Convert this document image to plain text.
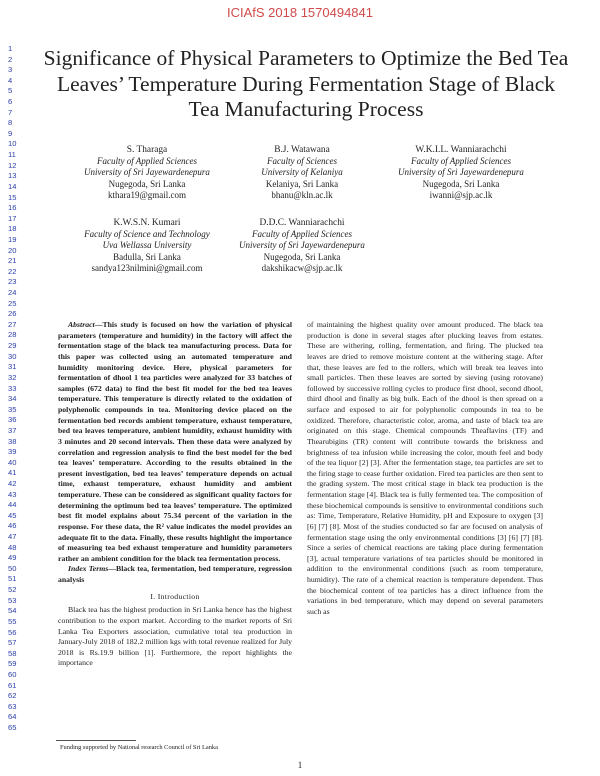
ICIAfS 2018 1570494841
1
2
3
4
5
6
7
8
9
10
11
12
13
14
15
16
17
18
19
20
21
22
23
24
25
26
27
28
29
30
31
32
33
34
35
36
37
38
39
40
41
42
43
44
45
46
47
48
49
50
51
52
53
54
55
56
57
58
59
60
61
62
63
64
65
Significance of Physical Parameters to Optimize the Bed Tea Leaves’ Temperature During Fermentation Stage of Black Tea Manufacturing Process
S. Tharaga
Faculty of Applied Sciences
University of Sri Jayewardenepura
Nugegoda, Sri Lanka
kthara19@gmail.com
B.J. Watawana
Faculty of Sciences
University of Kelaniya
Kelaniya, Sri Lanka
bhanu@kln.ac.lk
W.K.I.L. Wanniarachchi
Faculty of Applied Sciences
University of Sri Jayewardenepura
Nugegoda, Sri Lanka
iwanni@sjp.ac.lk
K.W.S.N. Kumari
Faculty of Science and Technology
Uva Wellassa University
Badulla, Sri Lanka
sandya123nilmini@gmail.com
D.D.C. Wanniarachchi
Faculty of Applied Sciences
University of Sri Jayewardenepura
Nugegoda, Sri Lanka
dakshikacw@sjp.ac.lk

Abstract—This study is focused on how the variation of physical parameters (temperature and humidity) in the factory will affect the fermentation stage of the black tea manufacturing process. Data for this paper was collected using an automated temperature and humidity monitoring device. Here, physical parameters for fermentation of dhool 1 tea particles were analyzed for 33 batches of samples (672 data) to find the best fit model for the bed tea leaves temperature. This temperature is directly related to the oxidation of polyphenolic compounds in tea. Monitoring device placed on the fermentation bed records ambient temperature, exhaust temperature, bed tea leaves temperature, ambient humidity, exhaust humidity with 3 minutes and 20 second intervals. Then these data were analyzed by correlation and regression analysis to find the best model for the bed tea leaves’ temperature. According to the results obtained in the present investigation, bed tea leaves’ temperature depends on actual time, exhaust temperature, exhaust humidity and ambient temperature. These can be considered as significant quality factors for determining the optimum bed tea leaves’ temperature. The optimized best fit model explains about 75.34 percent of the variation in the response. For these data, the R² value indicates the model provides an adequate fit to the data. Finally, these results highlight the importance of measuring tea bed exhaust temperature and humidity parameters rather an ambient condition for the black tea fermentation process.

Index Terms—Black tea, fermentation, bed temperature, regression analysis

I. Introduction

Black tea has the highest production in Sri Lanka hence has the highest contribution to the export market. According to the market reports of Sri Lanka Tea Exporters association, cumulative total tea production in January-July 2018 of 182.2 million kgs with total revenue realized for July 2018 is Rs.19.9 billion [1]. Furthermore, the report highlights the importance

of maintaining the highest quality over amount produced. The black tea production is done in several stages after plucking leaves from estates. These are withering, rolling, fermentation, and firing. The plucked tea leaves are dried to remove moisture content at the withering stage. After that, these leaves are fed to the rollers, which will break tea leaves into small particles. Then these leaves are sorted by sieving (using rotovane) followed by successive rolling cycles to produce first dhool, second dhool, third dhool and finally as big bulk. Each of the dhool is then spread on a surface and exposed to air for polyphenolic compounds in tea to be oxidized. Therefore, characteristic color, aroma, and taste of black tea are originated on this stage. Chemical compounds Theaflavins (TF) and Thearubigins (TR) content will contribute towards the briskness and brightness of tea infusion while increasing the color, mouth feel and body of the tea liquor [2] [3]. After the fermentation stage, tea particles are set to the firing stage to cease further oxidation. Fired tea particles are then sent to the grading system. The most critical stage in black tea production is the fermentation stage [4]. Black tea is fully fermented tea. The composition of these biochemical compounds is sensitive to environmental conditions such as: Time, Temperature, Relative Humidity, pH and Exposure to oxygen [3] [6] [7] [8]. Most of the studies conducted so far are focused on analysis of fermentation stage using the only environmental conditions [3] [6] [7] [8]. Since a series of chemical reactions are taking place during fermentation [3], actual temperature variations of tea particles should be monitored in addition to the environmental conditions (such as room temperature, humidity). The rate of a chemical reaction is temperature dependent. Thus the biochemical content of tea particles has a direct influence from the variations in bed temperature, which may depend on several parameters such as

Funding supported by National research Council of Sri Lanka
1
